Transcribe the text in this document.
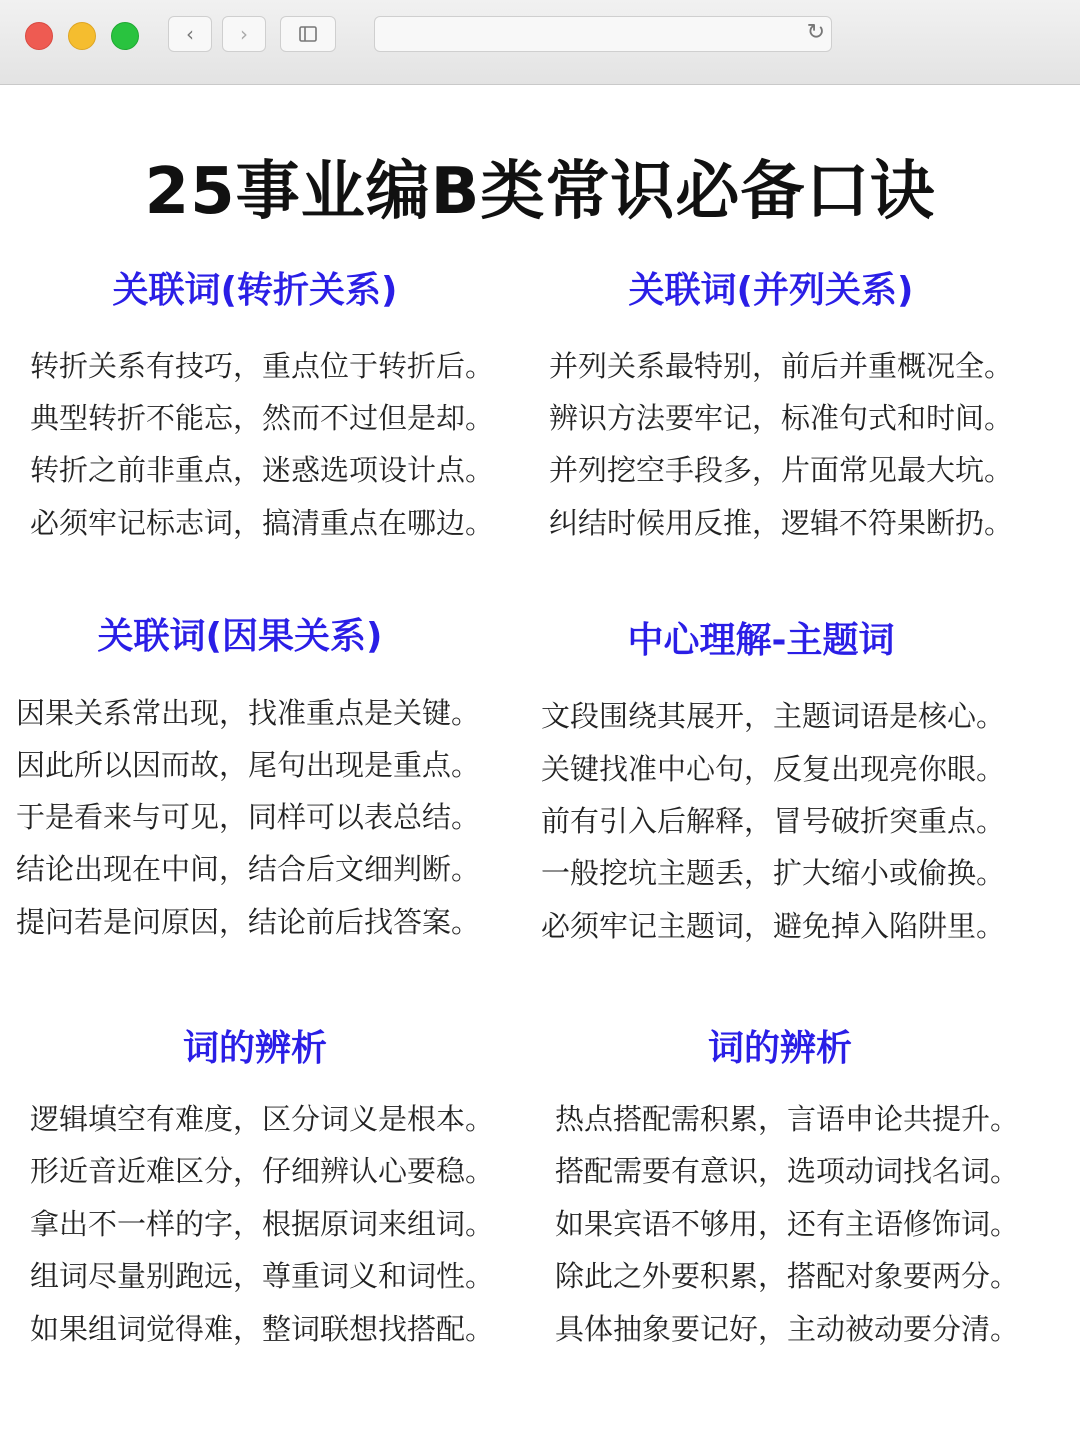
‹ ›	↻
25事业编B类常识必备口诀
关联词(转折关系)
转折关系有技巧，重点位于转折后。
典型转折不能忘，然而不过但是却。
转折之前非重点，迷惑选项设计点。
必须牢记标志词，搞清重点在哪边。
关联词(并列关系)
并列关系最特别，前后并重概况全。
辨识方法要牢记，标准句式和时间。
并列挖空手段多，片面常见最大坑。
纠结时候用反推，逻辑不符果断扔。
关联词(因果关系)
因果关系常出现，找准重点是关键。
因此所以因而故，尾句出现是重点。
于是看来与可见，同样可以表总结。
结论出现在中间，结合后文细判断。
提问若是问原因，结论前后找答案。
中心理解-主题词
文段围绕其展开，主题词语是核心。
关键找准中心句，反复出现亮你眼。
前有引入后解释，冒号破折突重点。
一般挖坑主题丢，扩大缩小或偷换。
必须牢记主题词，避免掉入陷阱里。
词的辨析
逻辑填空有难度，区分词义是根本。
形近音近难区分，仔细辨认心要稳。
拿出不一样的字，根据原词来组词。
组词尽量别跑远，尊重词义和词性。
如果组词觉得难，整词联想找搭配。
词的辨析
热点搭配需积累，言语申论共提升。
搭配需要有意识，选项动词找名词。
如果宾语不够用，还有主语修饰词。
除此之外要积累，搭配对象要两分。
具体抽象要记好，主动被动要分清。
